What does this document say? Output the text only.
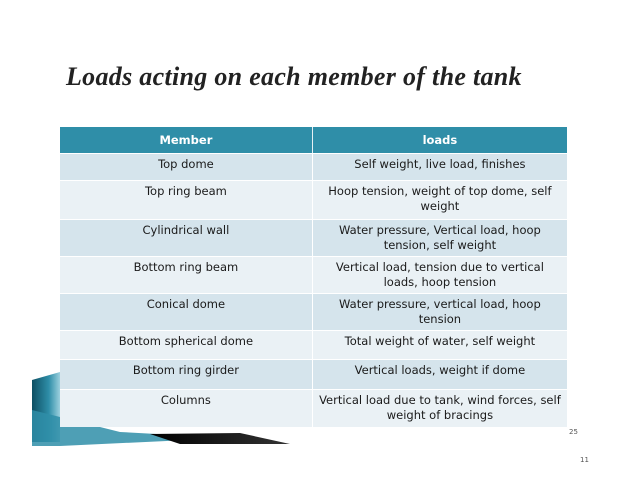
Loads acting on each member of the tank
Member	loads
Top dome	Self weight, live load, finishes
Top ring beam	Hoop tension, weight of top dome, self weight
Cylindrical wall	Water pressure, Vertical load, hoop tension, self weight
Bottom ring beam	Vertical load, tension due to vertical loads, hoop tension
Conical dome	Water pressure, vertical load, hoop tension
Bottom spherical dome	Total weight of water, self weight
Bottom ring girder	Vertical loads, weight if dome
Columns	Vertical load due to tank, wind forces, self weight of bracings
25
11
